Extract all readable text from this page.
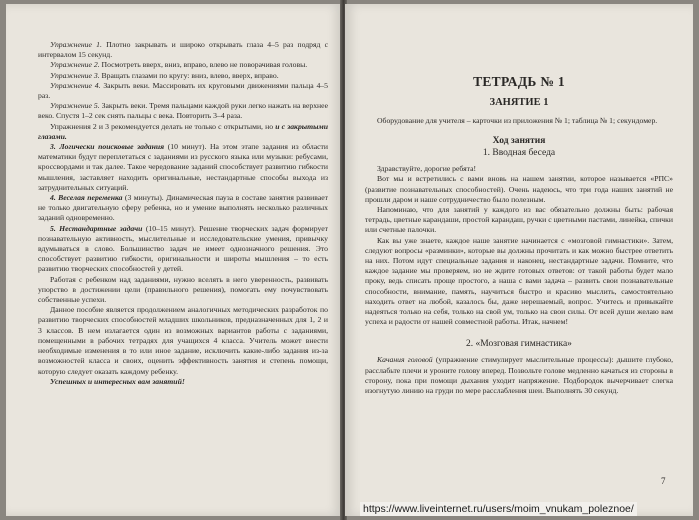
Упражнение 1. Плотно закрывать и широко открывать глаза 4–5 раз подряд с интервалом 15 секунд.

Упражнение 2. Посмотреть вверх, вниз, вправо, влево не поворачивая головы.

Упражнение 3. Вращать глазами по кругу: вниз, влево, вверх, вправо.

Упражнение 4. Закрыть веки. Массировать их круговыми движениями пальца 4–5 раз.

Упражнение 5. Закрыть веки. Тремя пальцами каждой руки легко нажать на верхнее веко. Спустя 1–2 сек снять пальцы с века. Повторить 3–4 раза.

Упражнения 2 и 3 рекомендуется делать не только с открытыми, но и с закрытыми глазами.

3. Логически поисковые задания (10 минут). На этом этапе задания из области математики будут переплетаться с заданиями из русского языка или музыки: ребусами, кроссвордами и так далее. Такое чередование заданий способствует развитию гибкости мышления, заставляет находить оригинальные, нестандартные способы выхода из затруднительных ситуаций.

4. Веселая переменка (3 минуты). Динамическая пауза в составе занятия развивает не только двигательную сферу ребенка, но и умение выполнять несколько различных заданий одновременно.

5. Нестандартные задачи (10–15 минут). Решение творческих задач формирует познавательную активность, мыслительные и исследовательские умения, привычку вдумываться в слово. Большинство задач не имеет однозначного решения. Это способствует развитию гибкости, оригинальности и широты мышления – то есть развитию творческих способностей у детей.

Работая с ребенком над заданиями, нужно вселять в него уверенность, развивать упорство в достижении цели (правильного решения), помогать ему почувствовать собственные успехи.

Данное пособие является продолжением аналогичных методических разработок по развитию творческих способностей младших школьников, предназначенных для 1, 2 и 3 классов. В нем излагается один из возможных вариантов работы с заданиями, помещенными в рабочих тетрадях для учащихся 4 класса. Учитель может внести необходимые изменения в то или иное задание, исключить какие-либо задания из-за возможностей класса и своих, оценить эффективность занятия и степень помощи, которую следует оказать каждому ребенку.

Успешных и интересных вам занятий!

ТЕТРАДЬ № 1
ЗАНЯТИЕ 1

Оборудование для учителя – карточки из приложения № 1; таблица № 1; секундомер.

Ход занятия
1. Вводная беседа

Здравствуйте, дорогие ребята!

Вот мы и встретились с вами вновь на нашем занятии, которое называется «РПС» (развитие познавательных способностей). Очень надеюсь, что три года наших занятий не прошли даром и наше сотрудничество было полезным.

Напоминаю, что для занятий у каждого из вас обязательно должны быть: рабочая тетрадь, цветные карандаши, простой карандаш, ручки с цветными пастами, линейка, спички или счетные палочки.

Как вы уже знаете, каждое наше занятие начинается с «мозговой гимнастики». Затем, следуют вопросы «разминки», которые вы должны прочитать и как можно быстрее ответить на них. Потом идут специальные задания и наконец, нестандартные задачи. Помните, что каждое задание мы проверяем, но не ждите готовых ответов: от такой работы будет мало проку, ведь списать проще простого, а наша с вами задача – развить свои познавательные способности, внимание, память, научиться быстро и красиво мыслить, самостоятельно находить ответ на любой, казалось бы, даже нерешаемый, вопрос. Учитесь и привыкайте надеяться только на себя, только на свой ум, только на свои силы. От всей души желаю вам успеха и радости от нашей совместной работы. Итак, начнем!

2. «Мозговая гимнастика»

Качания головой (упражнение стимулирует мыслительные процессы): дышите глубоко, расслабьте плечи и уроните голову вперед. Позвольте голове медленно качаться из стороны в сторону, пока при помощи дыхания уходит напряжение. Подбородок вычерчивает слегка изогнутую линию на груди по мере расслабления шеи. Выполнять 30 секунд.

7
https://www.liveinternet.ru/users/moim_vnukam_poleznoe/
